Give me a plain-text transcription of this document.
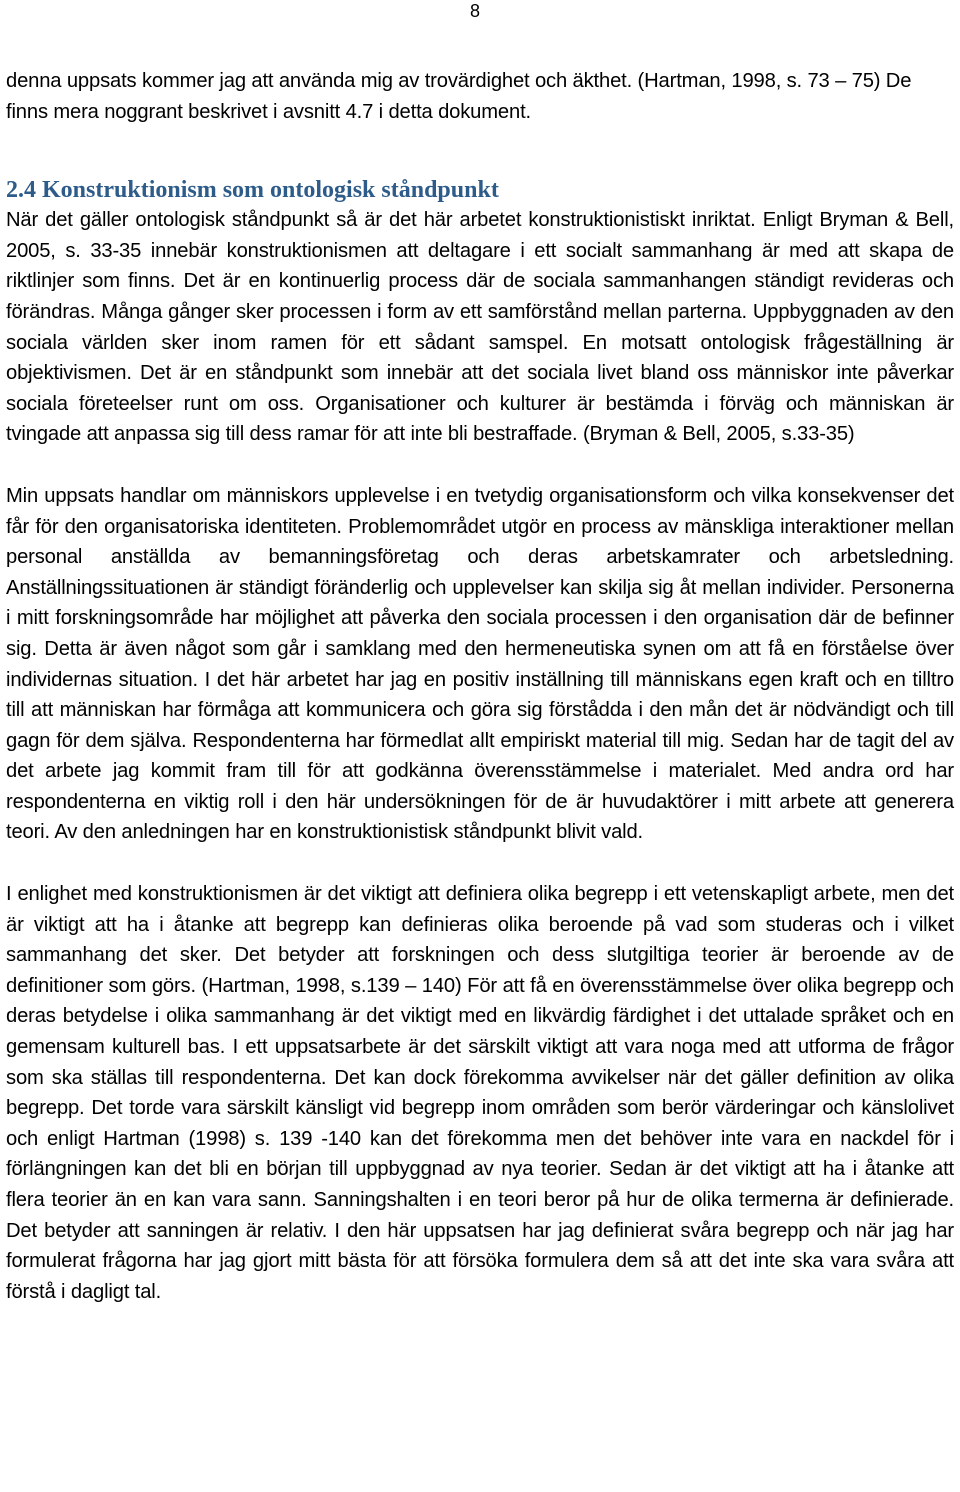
8

denna uppsats kommer jag att använda mig av trovärdighet och äkthet. (Hartman, 1998, s. 73 – 75) De finns mera noggrant beskrivet i avsnitt 4.7 i detta dokument.

2.4 Konstruktionism som ontologisk ståndpunkt

När det gäller ontologisk ståndpunkt så är det här arbetet konstruktionistiskt inriktat. Enligt Bryman & Bell, 2005, s. 33-35 innebär konstruktionismen att deltagare i ett socialt sammanhang är med att skapa de riktlinjer som finns. Det är en kontinuerlig process där de sociala sammanhangen ständigt revideras och förändras. Många gånger sker processen i form av ett samförstånd mellan parterna. Uppbyggnaden av den sociala världen sker inom ramen för ett sådant samspel. En motsatt ontologisk frågeställning är objektivismen. Det är en ståndpunkt som innebär att det sociala livet bland oss människor inte påverkar sociala företeelser runt om oss. Organisationer och kulturer är bestämda i förväg och människan är tvingade att anpassa sig till dess ramar för att inte bli bestraffade. (Bryman & Bell, 2005, s.33-35)

Min uppsats handlar om människors upplevelse i en tvetydig organisationsform och vilka konsekvenser det får för den organisatoriska identiteten. Problemområdet utgör en process av mänskliga interaktioner mellan personal anställda av bemanningsföretag och deras arbetskamrater och arbetsledning. Anställningssituationen är ständigt föränderlig och upplevelser kan skilja sig åt mellan individer. Personerna i mitt forskningsområde har möjlighet att påverka den sociala processen i den organisation där de befinner sig. Detta är även något som går i samklang med den hermeneutiska synen om att få en förståelse över individernas situation. I det här arbetet har jag en positiv inställning till människans egen kraft och en tilltro till att människan har förmåga att kommunicera och göra sig förstådda i den mån det är nödvändigt och till gagn för dem själva. Respondenterna har förmedlat allt empiriskt material till mig. Sedan har de tagit del av det arbete jag kommit fram till för att godkänna överensstämmelse i materialet. Med andra ord har respondenterna en viktig roll i den här undersökningen för de är huvudaktörer i mitt arbete att generera teori. Av den anledningen har en konstruktionistisk ståndpunkt blivit vald.

I enlighet med konstruktionismen är det viktigt att definiera olika begrepp i ett vetenskapligt arbete, men det är viktigt att ha i åtanke att begrepp kan definieras olika beroende på vad som studeras och i vilket sammanhang det sker. Det betyder att forskningen och dess slutgiltiga teorier är beroende av de definitioner som görs. (Hartman, 1998, s.139 – 140) För att få en överensstämmelse över olika begrepp och deras betydelse i olika sammanhang är det viktigt med en likvärdig färdighet i det uttalade språket och en gemensam kulturell bas. I ett uppsatsarbete är det särskilt viktigt att vara noga med att utforma de frågor som ska ställas till respondenterna. Det kan dock förekomma avvikelser när det gäller definition av olika begrepp. Det torde vara särskilt känsligt vid begrepp inom områden som berör värderingar och känslolivet och enligt Hartman (1998) s. 139 -140 kan det förekomma men det behöver inte vara en nackdel för i förlängningen kan det bli en början till uppbyggnad av nya teorier. Sedan är det viktigt att ha i åtanke att flera teorier än en kan vara sann. Sanningshalten i en teori beror på hur de olika termerna är definierade. Det betyder att sanningen är relativ. I den här uppsatsen har jag definierat svåra begrepp och när jag har formulerat frågorna har jag gjort mitt bästa för att försöka formulera dem så att det inte ska vara svåra att förstå i dagligt tal.
